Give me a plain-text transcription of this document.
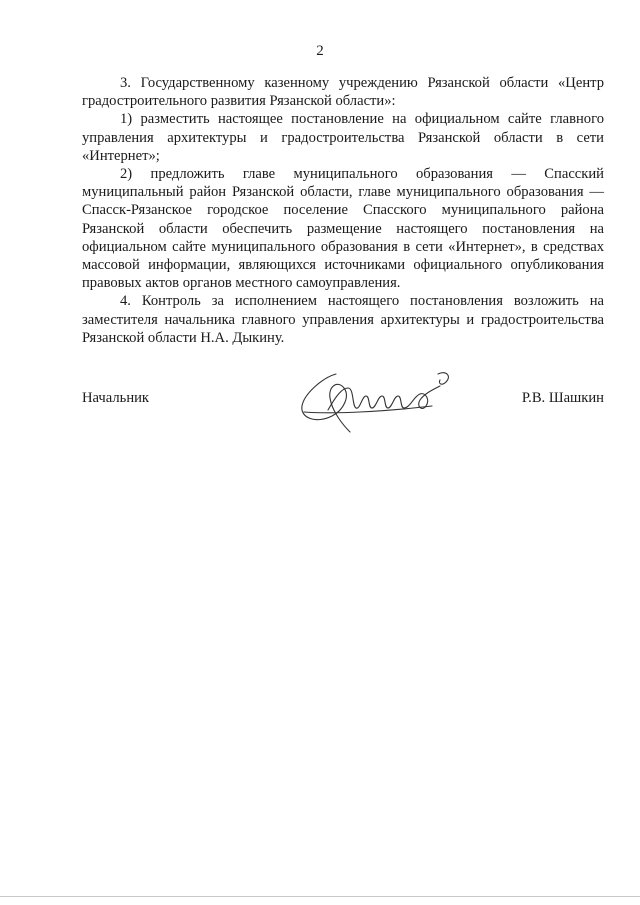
2

3. Государственному казенному учреждению Рязанской области «Центр градостроительного развития Рязанской области»:

1) разместить настоящее постановление на официальном сайте главного управления архитектуры и градостроительства Рязанской области в сети «Интернет»;

2) предложить главе муниципального образования — Спасский муниципальный район Рязанской области, главе муниципального образования — Спасск-Рязанское городское поселение Спасского муниципального района Рязанской области обеспечить размещение настоящего постановления на официальном сайте муниципального образования в сети «Интернет», в средствах массовой информации, являющихся источниками официального опубликования правовых актов органов местного самоуправления.

4. Контроль за исполнением настоящего постановления возложить на заместителя начальника главного управления архитектуры и градостроительства Рязанской области Н.А. Дыкину.

Начальник	Р.В. Шашкин
